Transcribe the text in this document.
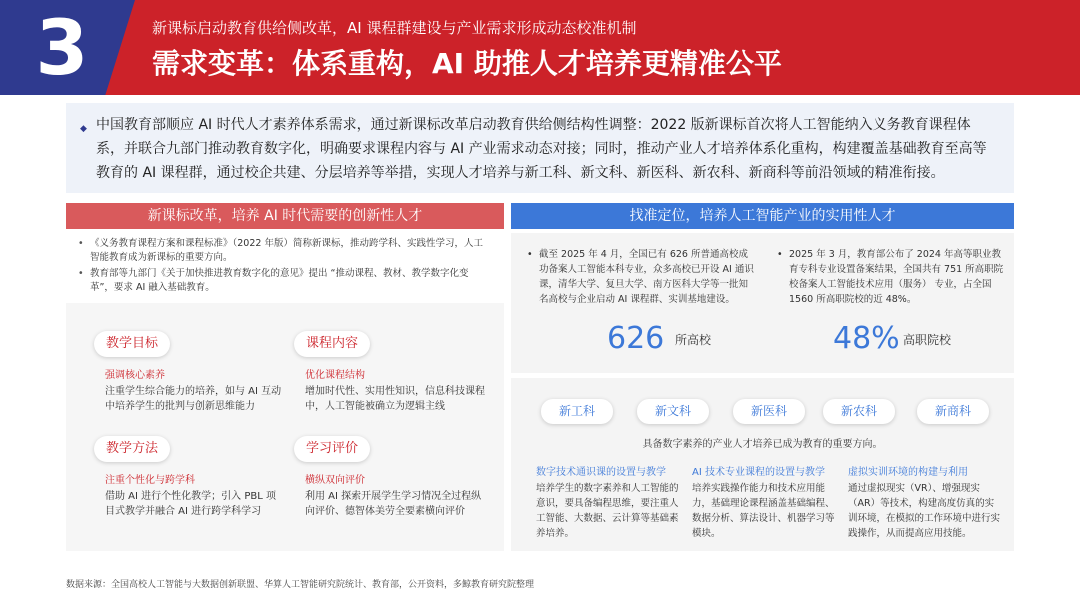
3	新课标启动教育供给侧改革，AI 课程群建设与产业需求形成动态校准机制
需求变革：体系重构，AI 助推人才培养更精准公平
◆ 中国教育部顺应 AI 时代人才素养体系需求，通过新课标改革启动教育供给侧结构性调整：2022 版新课标首次将人工智能纳入义务教育课程体系，并联合九部门推动教育数字化，明确要求课程内容与 AI 产业需求动态对接；同时，推动产业人才培养体系化重构，构建覆盖基础教育至高等教育的 AI 课程群，通过校企共建、分层培养等举措，实现人才培养与新工科、新文科、新医科、新农科、新商科等前沿领域的精准衔接。
新课标改革，培养 AI 时代需要的创新性人才
• 《义务教育课程方案和课程标准》（2022 年版）简称新课标，推动跨学科、实践性学习，人工智能教育成为新课标的重要方向。
• 教育部等九部门《关于加快推进教育数字化的意见》提出 “推动课程、教材、教学数字化变革”，要求 AI 融入基础教育。
教学目标
强调核心素养
注重学生综合能力的培养，如与 AI 互动中培养学生的批判与创新思维能力
课程内容
优化课程结构
增加时代性、实用性知识，信息科技课程中，人工智能被确立为逻辑主线
教学方法
注重个性化与跨学科
借助 AI 进行个性化教学；引入 PBL 项目式教学并融合 AI 进行跨学科学习
学习评价
横纵双向评价
利用 AI 探索开展学生学习情况全过程纵向评价、德智体美劳全要素横向评价
找准定位，培养人工智能产业的实用性人才
• 截至 2025 年 4 月，全国已有 626 所普通高校成功备案人工智能本科专业，众多高校已开设 AI 通识课，清华大学、复旦大学、南方医科大学等一批知名高校与企业启动 AI 课程群、实训基地建设。
626 所高校
• 2025 年 3 月，教育部公布了 2024 年高等职业教育专科专业设置备案结果，全国共有 751 所高职院校备案人工智能技术应用（服务） 专业，占全国 1560 所高职院校的近 48%。
48% 高职院校
新工科	新文科	新医科	新农科	新商科
具备数字素养的产业人才培养已成为教育的重要方向。
数字技术通识课的设置与教学
培养学生的数字素养和人工智能的意识，要具备编程思维，要注重人工智能、大数据、云计算等基础素养培养。
AI 技术专业课程的设置与教学
培养实践操作能力和技术应用能力，基础理论课程涵盖基础编程、数据分析、算法设计、机器学习等模块。
虚拟实训环境的构建与利用
通过虚拟现实（VR）、增强现实（AR）等技术，构建高度仿真的实训环境，在模拟的工作环境中进行实践操作，从而提高应用技能。
数据来源：全国高校人工智能与大数据创新联盟、华算人工智能研究院统计、教育部，公开资料，多鲸教育研究院整理
